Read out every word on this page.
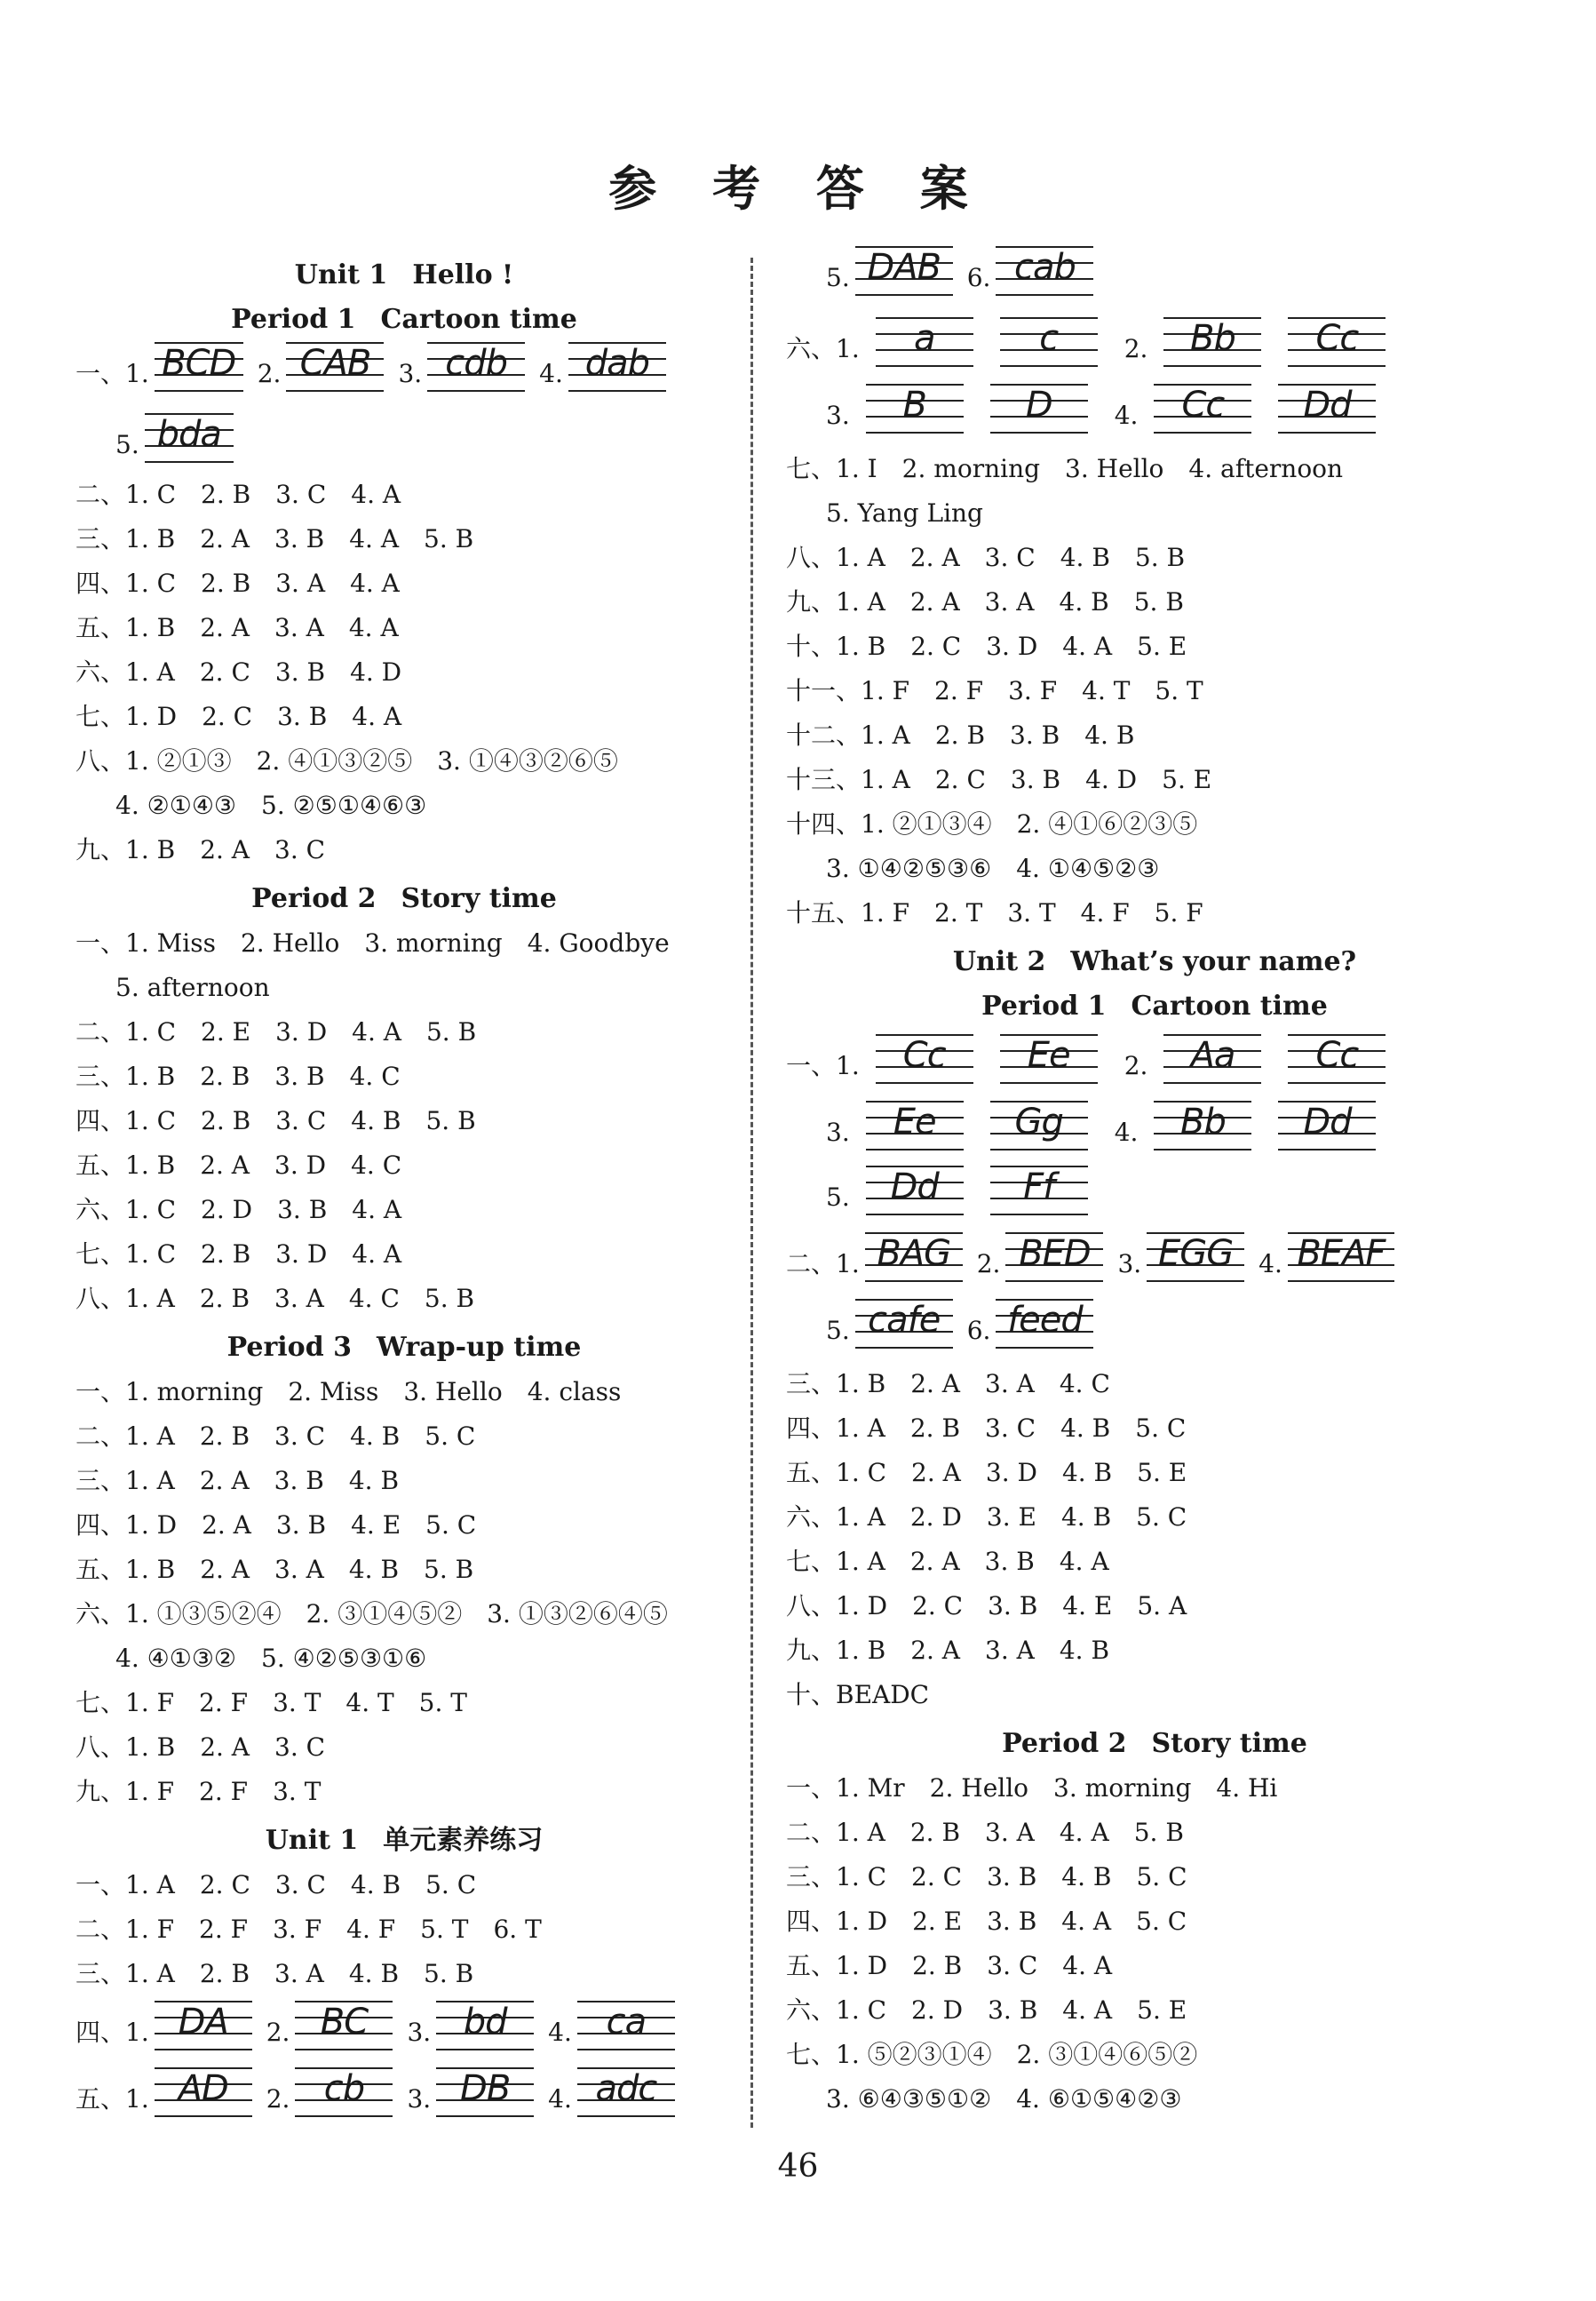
参 考 答 案
Unit 1 Hello !
Period 1 Cartoon time
一、1. BCD 2. CAB	3. cdb	4. dab
5. bda
二、1. C　2. B　3. C　4. A
三、1. B　2. A　3. B　4. A　5. B
四、1. C　2. B　3. A　4. A
五、1. B　2. A　3. A　4. A
六、1. A　2. C　3. B　4. D
七、1. D　2. C　3. B　4. A
八、1. ②①③　2. ④①③②⑤　3. ①④③②⑥⑤
4. ②①④③　5. ②⑤①④⑥③
九、1. B　2. A　3. C
Period 2 Story time
一、1. Miss　2. Hello　3. morning　4. Goodbye
5. afternoon
二、1. C　2. E　3. D　4. A　5. B
三、1. B　2. B　3. B　4. C
四、1. C　2. B　3. C　4. B　5. B
五、1. B　2. A　3. D　4. C
六、1. C　2. D　3. B　4. A
七、1. C　2. B　3. D　4. A
八、1. A　2. B　3. A　4. C　5. B
Period 3 Wrap-up time
一、1. morning　2. Miss　3. Hello　4. class
二、1. A　2. B　3. C　4. B　5. C
三、1. A　2. A　3. B　4. B
四、1. D　2. A　3. B　4. E　5. C
五、1. B　2. A　3. A　4. B　5. B
六、1. ①③⑤②④　2. ③①④⑤②　3. ①③②⑥④⑤
4. ④①③②　5. ④②⑤③①⑥
七、1. F　2. F　3. T　4. T　5. T
八、1. B　2. A　3. C
九、1. F　2. F　3. T
Unit 1 单元素养练习
一、1. A　2. C　3. C　4. B　5. C
二、1. F　2. F　3. F　4. F　5. T　6. T
三、1. A　2. B　3. A　4. B　5. B
四、1. DA	2. BC	3. bd	4. ca
五、1. AD	2. cb	3. DB	4. adc
5. DAB	6. cab
六、1.	a	c	2.	Bb	Cc
3.	B	D	4.	Cc	Dd
七、1. I　2. morning　3. Hello　4. afternoon
5. Yang Ling
八、1. A　2. A　3. C　4. B　5. B
九、1. A　2. A　3. A　4. B　5. B
十、1. B　2. C　3. D　4. A　5. E
十一、1. F　2. F　3. F　4. T　5. T
十二、1. A　2. B　3. B　4. B
十三、1. A　2. C　3. B　4. D　5. E
十四、1. ②①③④　2. ④①⑥②③⑤
3. ①④②⑤③⑥　4. ①④⑤②③
十五、1. F　2. T　3. T　4. F　5. F
Unit 2 What’s your name?
Period 1 Cartoon time
一、1.	Cc	Ee	2.	Aa	Cc
3.	Ee	Gg	4.	Bb	Dd
5.	Dd	Ff
二、1. BAG	2. BED	3. EGG	4. BEAF
5. cafe	6. feed
三、1. B　2. A　3. A　4. C
四、1. A　2. B　3. C　4. B　5. C
五、1. C　2. A　3. D　4. B　5. E
六、1. A　2. D　3. E　4. B　5. C
七、1. A　2. A　3. B　4. A
八、1. D　2. C　3. B　4. E　5. A
九、1. B　2. A　3. A　4. B
十、BEADC
Period 2 Story time
一、1. Mr　2. Hello　3. morning　4. Hi
二、1. A　2. B　3. A　4. A　5. B
三、1. C　2. C　3. B　4. B　5. C
四、1. D　2. E　3. B　4. A　5. C
五、1. D　2. B　3. C　4. A
六、1. C　2. D　3. B　4. A　5. E
七、1. ⑤②③①④　2. ③①④⑥⑤②
3. ⑥④③⑤①②　4. ⑥①⑤④②③
46
